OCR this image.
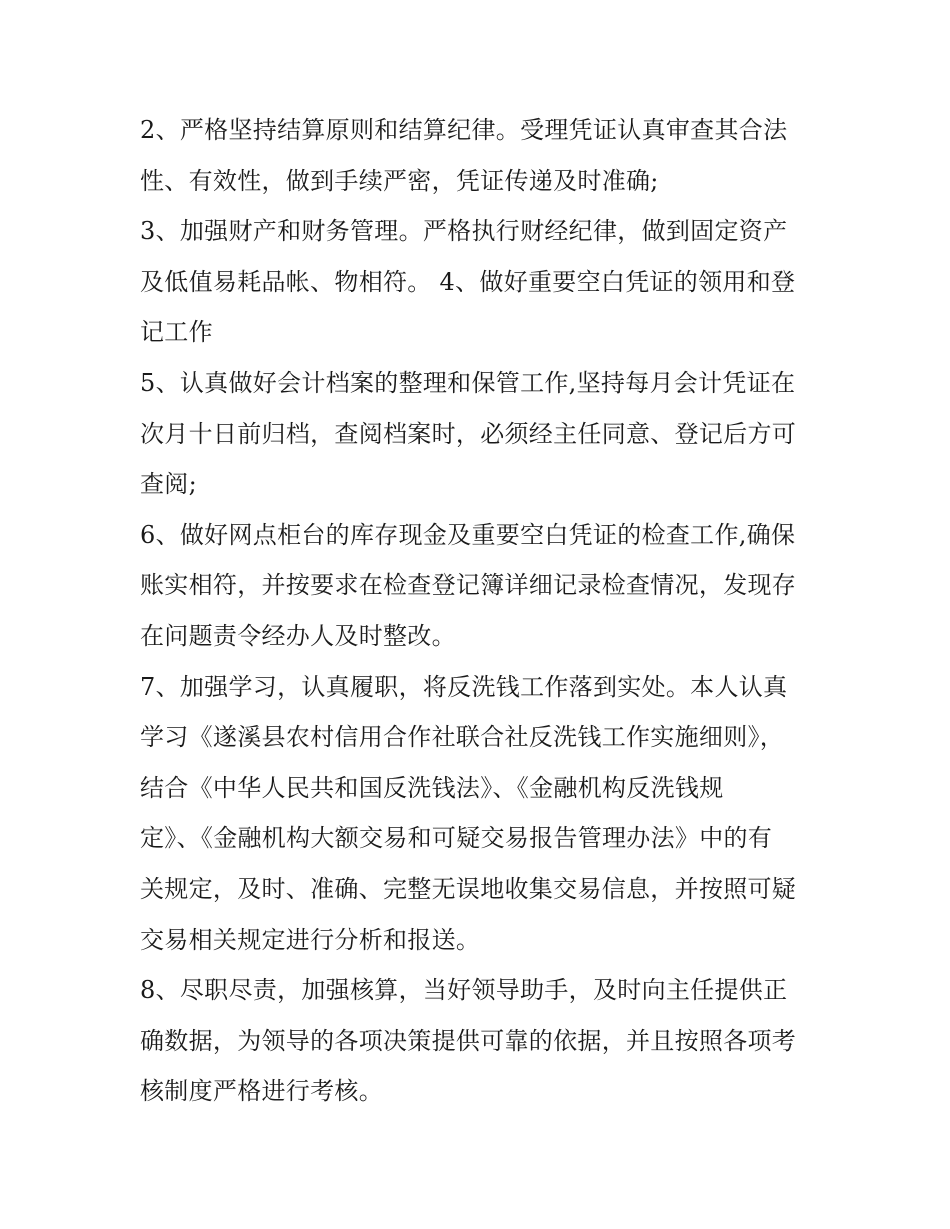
2、严格坚持结算原则和结算纪律。受理凭证认真审查其合法
性、有效性，做到手续严密，凭证传递及时准确;
3、加强财产和财务管理。严格执行财经纪律，做到固定资产
及低值易耗品帐、物相符。 4、做好重要空白凭证的领用和登
记工作
5、认真做好会计档案的整理和保管工作,坚持每月会计凭证在
次月十日前归档，查阅档案时，必须经主任同意、登记后方可
查阅;
6、做好网点柜台的库存现金及重要空白凭证的检查工作,确保
账实相符，并按要求在检查登记簿详细记录检查情况，发现存
在问题责令经办人及时整改。
7、加强学习，认真履职，将反洗钱工作落到实处。本人认真
学习《遂溪县农村信用合作社联合社反洗钱工作实施细则》，
结合《中华人民共和国反洗钱法》、《金融机构反洗钱规
定》、《金融机构大额交易和可疑交易报告管理办法》中的有
关规定，及时、准确、完整无误地收集交易信息，并按照可疑
交易相关规定进行分析和报送。
8、尽职尽责，加强核算，当好领导助手，及时向主任提供正
确数据，为领导的各项决策提供可靠的依据，并且按照各项考
核制度严格进行考核。
